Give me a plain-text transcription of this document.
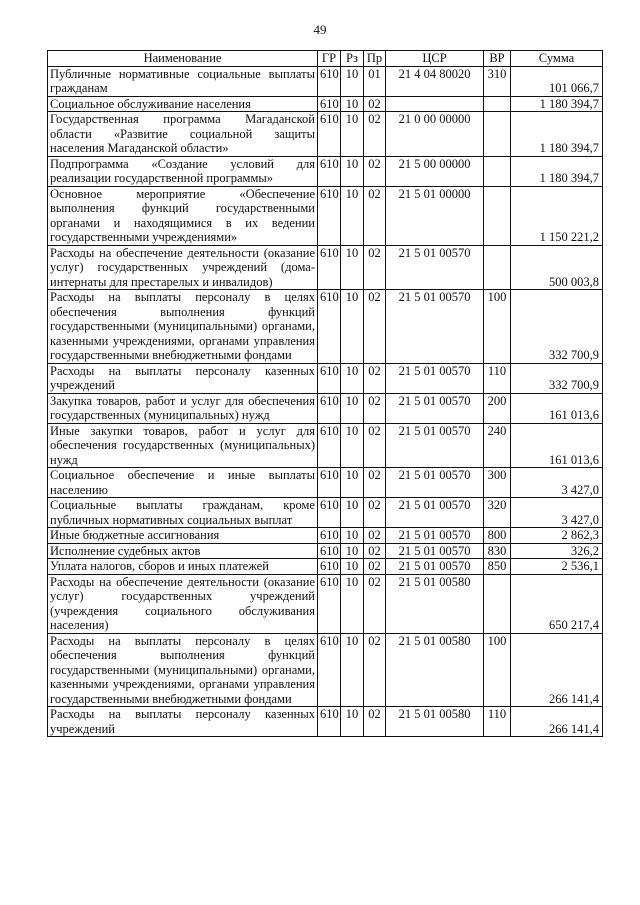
49
Наименование	ГР	Рз	Пр	ЦСР	ВР	Сумма
Публичные нормативные социальные выплаты гражданам	610	10	01	21 4 04 80020	310	101 066,7
Социальное обслуживание населения	610	10	02			1 180 394,7
Государственная программа Магаданской области «Развитие социальной защиты населения Магаданской области»	610	10	02	21 0 00 00000		1 180 394,7
Подпрограмма «Создание условий для реализации государственной программы»	610	10	02	21 5 00 00000		1 180 394,7
Основное мероприятие «Обеспечение выполнения функций государственными органами и находящимися в их ведении государственными учреждениями»	610	10	02	21 5 01 00000		1 150 221,2
Расходы на обеспечение деятельности (оказание услуг) государственных учреждений (дома-интернаты для престарелых и инвалидов)	610	10	02	21 5 01 00570		500 003,8
Расходы на выплаты персоналу в целях обеспечения выполнения функций государственными (муниципальными) органами, казенными учреждениями, органами управления государственными внебюджетными фондами	610	10	02	21 5 01 00570	100	332 700,9
Расходы на выплаты персоналу казенных учреждений	610	10	02	21 5 01 00570	110	332 700,9
Закупка товаров, работ и услуг для обеспечения государственных (муниципальных) нужд	610	10	02	21 5 01 00570	200	161 013,6
Иные закупки товаров, работ и услуг для обеспечения государственных (муниципальных) нужд	610	10	02	21 5 01 00570	240	161 013,6
Социальное обеспечение и иные выплаты населению	610	10	02	21 5 01 00570	300	3 427,0
Социальные выплаты гражданам, кроме публичных нормативных социальных выплат	610	10	02	21 5 01 00570	320	3 427,0
Иные бюджетные ассигнования	610	10	02	21 5 01 00570	800	2 862,3
Исполнение судебных актов	610	10	02	21 5 01 00570	830	326,2
Уплата налогов, сборов и иных платежей	610	10	02	21 5 01 00570	850	2 536,1
Расходы на обеспечение деятельности (оказание услуг) государственных учреждений (учреждения социального обслуживания населения)	610	10	02	21 5 01 00580		650 217,4
Расходы на выплаты персоналу в целях обеспечения выполнения функций государственными (муниципальными) органами, казенными учреждениями, органами управления государственными внебюджетными фондами	610	10	02	21 5 01 00580	100	266 141,4
Расходы на выплаты персоналу казенных учреждений	610	10	02	21 5 01 00580	110	266 141,4
